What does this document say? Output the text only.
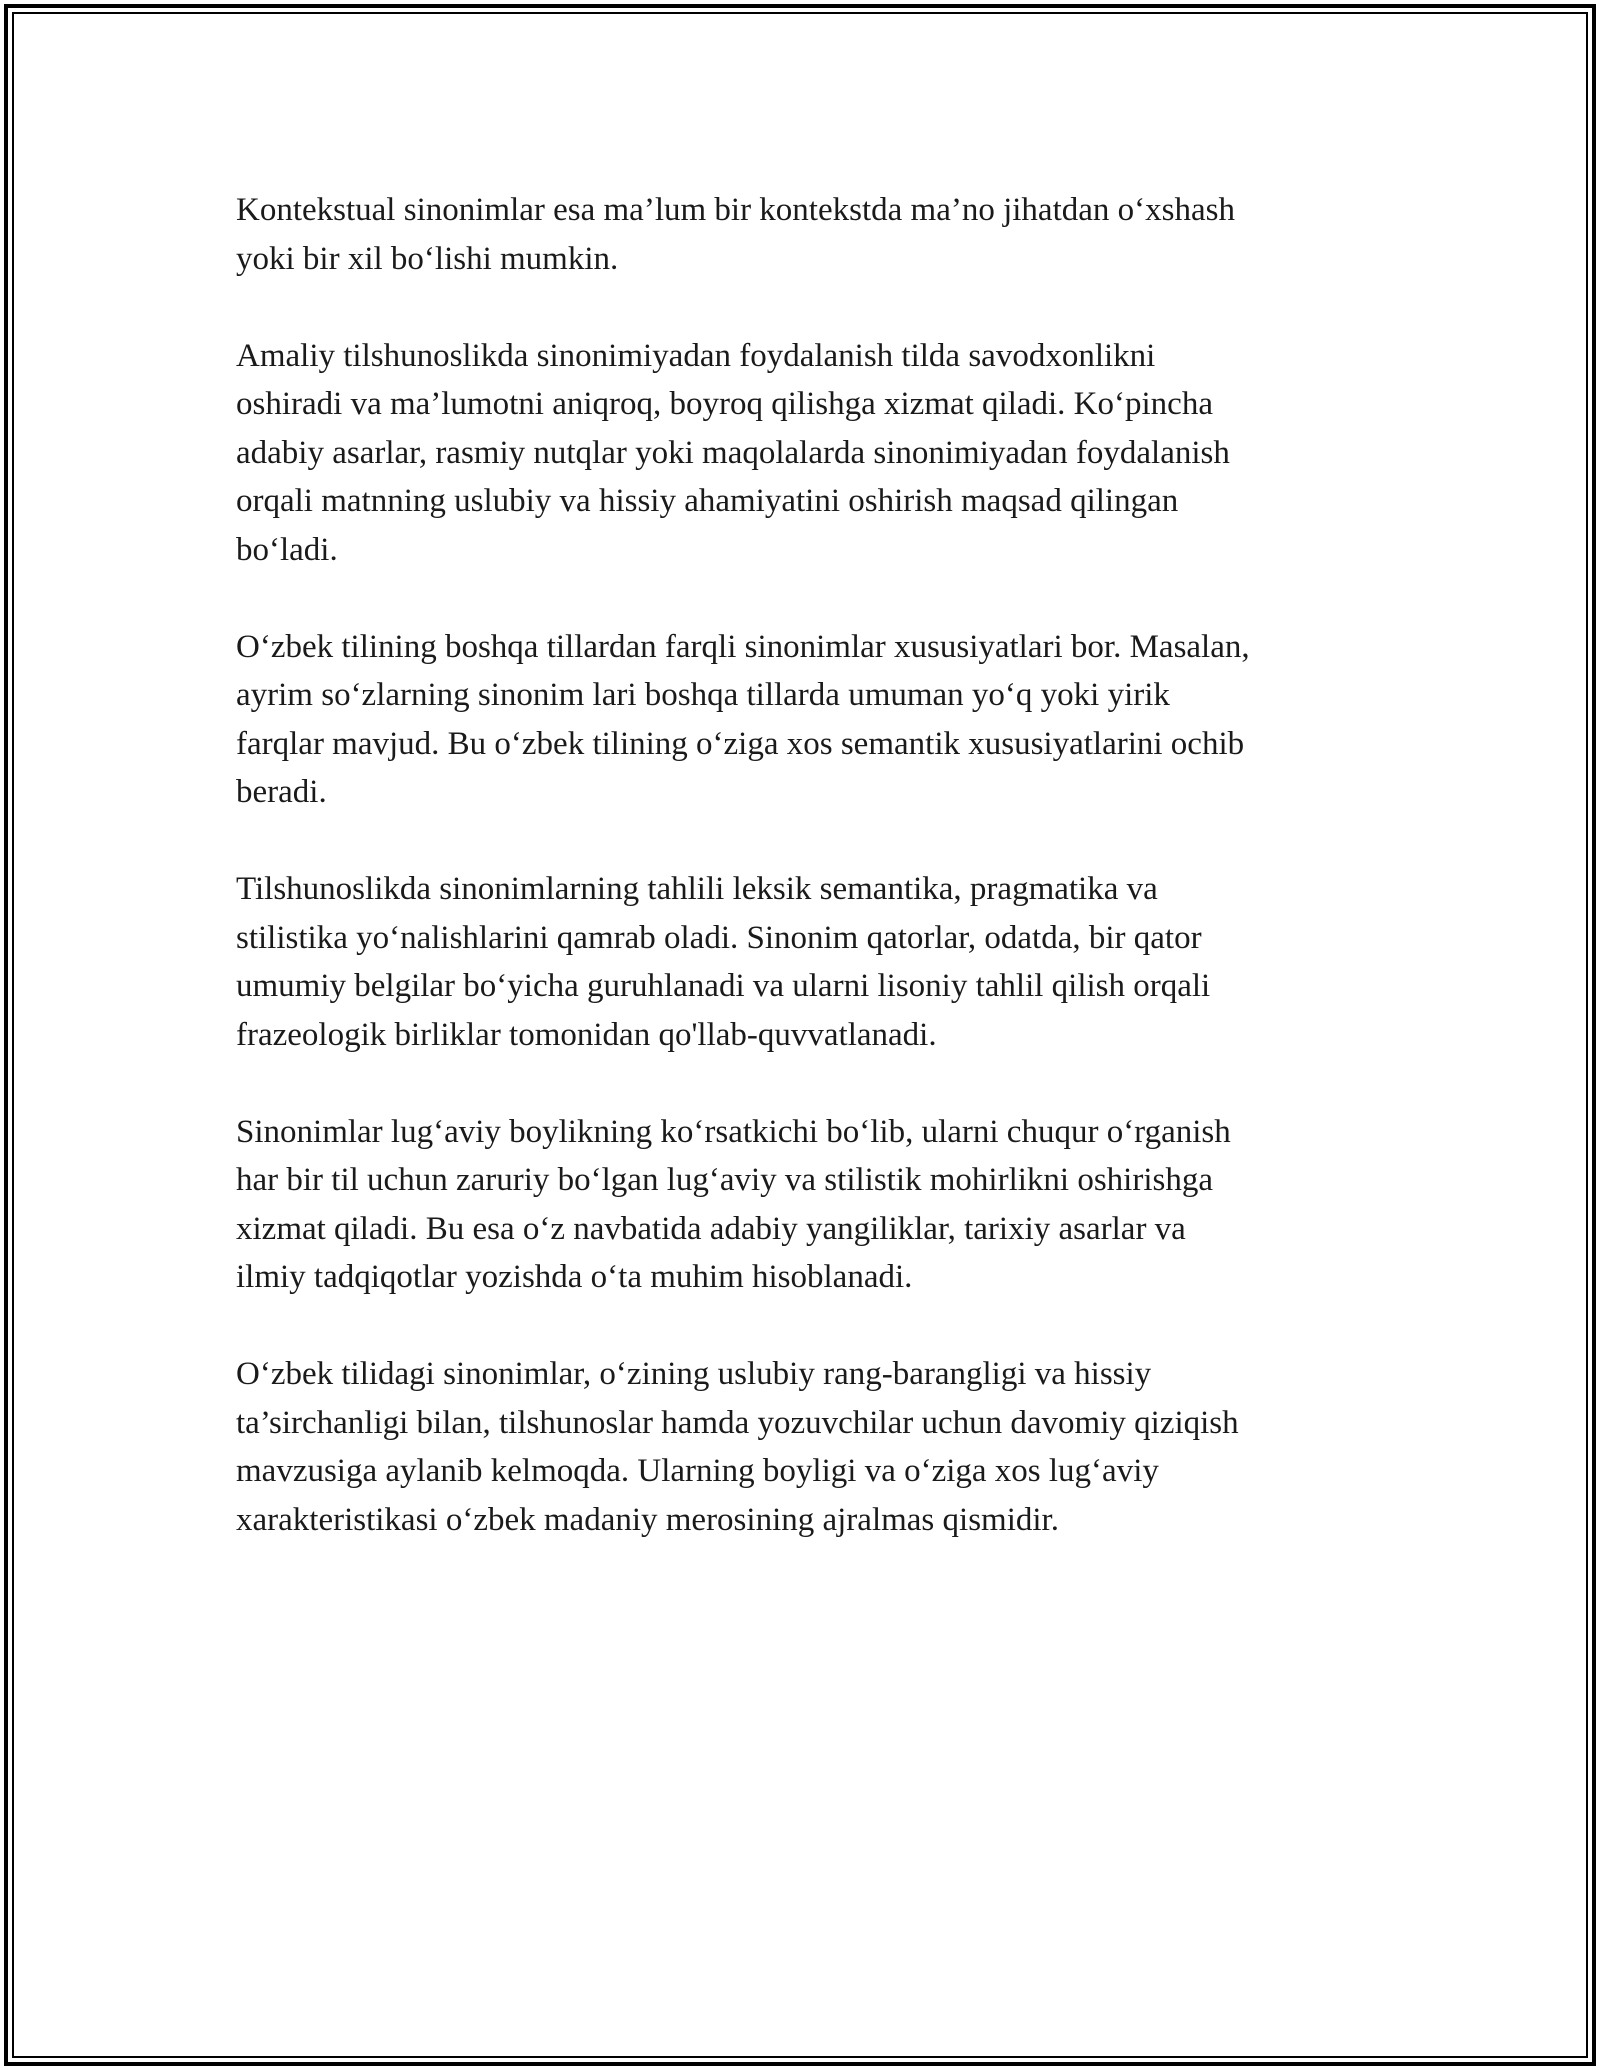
Kontekstual sinonimlar esa ma’lum bir kontekstda ma’no jihatdan o‘xshash
yoki bir xil bo‘lishi mumkin.

Amaliy tilshunoslikda sinonimiyadan foydalanish tilda savodxonlikni
oshiradi va ma’lumotni aniqroq, boyroq qilishga xizmat qiladi. Ko‘pincha
adabiy asarlar, rasmiy nutqlar yoki maqolalarda sinonimiyadan foydalanish
orqali matnning uslubiy va hissiy ahamiyatini oshirish maqsad qilingan
bo‘ladi.

O‘zbek tilining boshqa tillardan farqli sinonimlar xususiyatlari bor. Masalan,
ayrim so‘zlarning sinonim lari boshqa tillarda umuman yo‘q yoki yirik
farqlar mavjud. Bu o‘zbek tilining o‘ziga xos semantik xususiyatlarini ochib
beradi.

Tilshunoslikda sinonimlarning tahlili leksik semantika, pragmatika va
stilistika yo‘nalishlarini qamrab oladi. Sinonim qatorlar, odatda, bir qator
umumiy belgilar bo‘yicha guruhlanadi va ularni lisoniy tahlil qilish orqali
frazeologik birliklar tomonidan qo'llab-quvvatlanadi.

Sinonimlar lug‘aviy boylikning ko‘rsatkichi bo‘lib, ularni chuqur o‘rganish
har bir til uchun zaruriy bo‘lgan lug‘aviy va stilistik mohirlikni oshirishga
xizmat qiladi. Bu esa o‘z navbatida adabiy yangiliklar, tarixiy asarlar va
ilmiy tadqiqotlar yozishda o‘ta muhim hisoblanadi.

O‘zbek tilidagi sinonimlar, o‘zining uslubiy rang-barangligi va hissiy
ta’sirchanligi bilan, tilshunoslar hamda yozuvchilar uchun davomiy qiziqish
mavzusiga aylanib kelmoqda. Ularning boyligi va o‘ziga xos lug‘aviy
xarakteristikasi o‘zbek madaniy merosining ajralmas qismidir.
